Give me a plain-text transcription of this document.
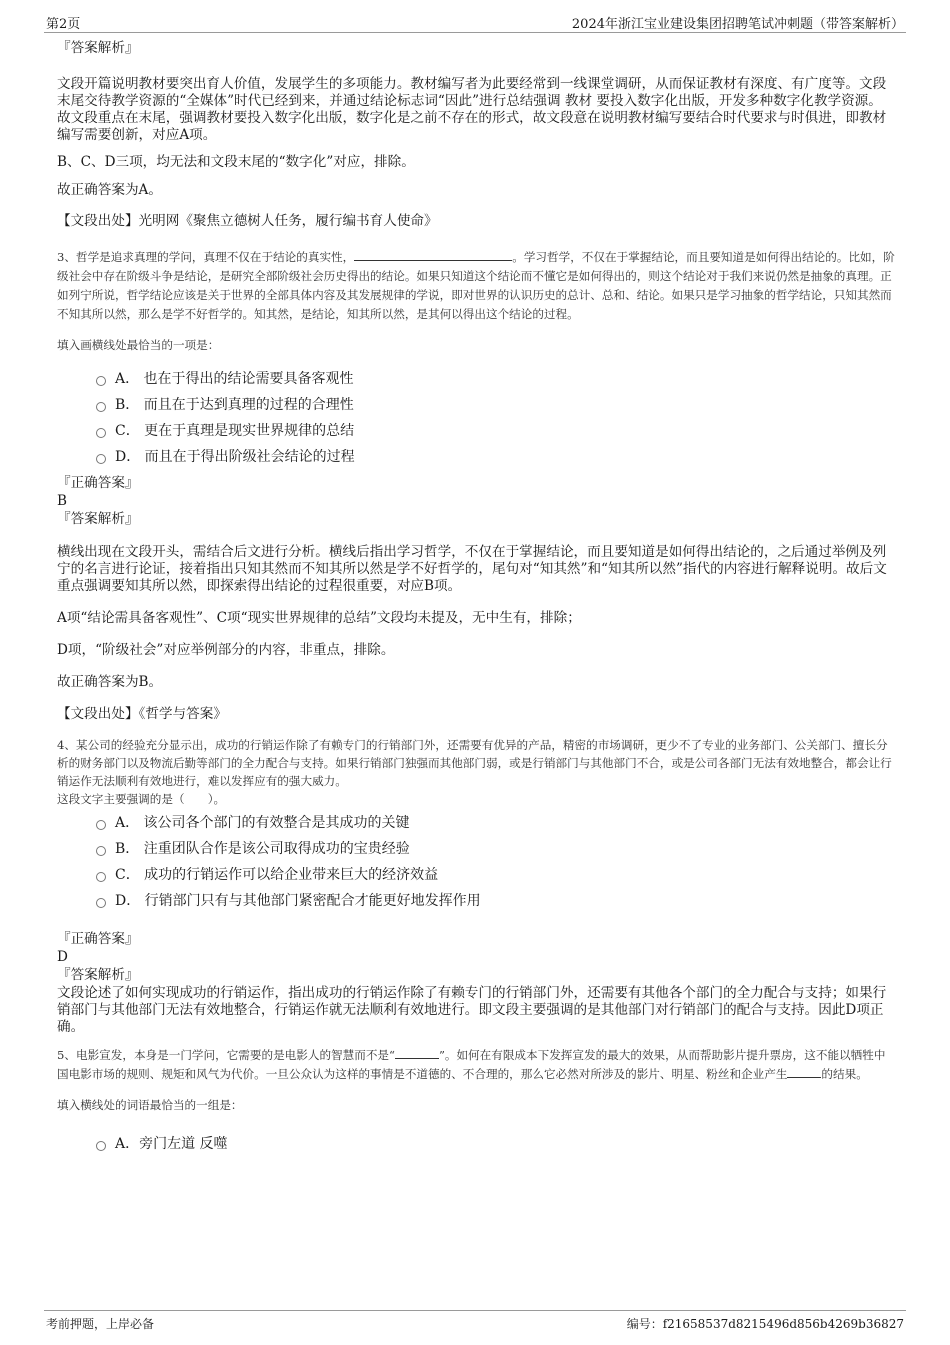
第2页	2024年浙江宝业建设集团招聘笔试冲刺题（带答案解析）
『答案解析』

文段开篇说明教材要突出育人价值，发展学生的多项能力。教材编写者为此要经常到一线课堂调研，从而保证教材有深度、有广度等。文段末尾交待教学资源的“全媒体”时代已经到来，并通过结论标志词“因此”进行总结强调 教材 要投入数字化出版，开发多种数字化教学资源。故文段重点在末尾，强调教材要投入数字化出版，数字化是之前不存在的形式，故文段意在说明教材编写要结合时代要求与时俱进，即教材编写需要创新，对应A项。

B、C、D三项，均无法和文段末尾的“数字化”对应，排除。

故正确答案为A。

【文段出处】光明网《聚焦立德树人任务，履行编书育人使命》

3、哲学是追求真理的学问，真理不仅在于结论的真实性，	。学习哲学，不仅在于掌握结论，而且要知道是如何得出结论的。比如，阶级社会中存在阶级斗争是结论，是研究全部阶级社会历史得出的结论。如果只知道这个结论而不懂它是如何得出的，则这个结论对于我们来说仍然是抽象的真理。正如列宁所说，哲学结论应该是关于世界的全部具体内容及其发展规律的学说，即对世界的认识历史的总计、总和、结论。如果只是学习抽象的哲学结论，只知其然而不知其所以然，那么是学不好哲学的。知其然，是结论，知其所以然，是其何以得出这个结论的过程。

填入画横线处最恰当的一项是：

A． 也在于得出的结论需要具备客观性
B． 而且在于达到真理的过程的合理性
C． 更在于真理是现实世界规律的总结
D． 而且在于得出阶级社会结论的过程
『正确答案』
B
『答案解析』

横线出现在文段开头，需结合后文进行分析。横线后指出学习哲学，不仅在于掌握结论，而且要知道是如何得出结论的，之后通过举例及列宁的名言进行论证，接着指出只知其然而不知其所以然是学不好哲学的，尾句对“知其然”和“知其所以然”指代的内容进行解释说明。故后文重点强调要知其所以然，即探索得出结论的过程很重要，对应B项。

A项“结论需具备客观性”、C项“现实世界规律的总结”文段均未提及，无中生有，排除；

D项，“阶级社会”对应举例部分的内容，非重点，排除。

故正确答案为B。

【文段出处】《哲学与答案》

4、某公司的经验充分显示出，成功的行销运作除了有赖专门的行销部门外，还需要有优异的产品，精密的市场调研，更少不了专业的业务部门、公关部门、擅长分析的财务部门以及物流后勤等部门的全力配合与支持。如果行销部门独强而其他部门弱，或是行销部门与其他部门不合，或是公司各部门无法有效地整合，都会让行销运作无法顺利有效地进行，难以发挥应有的强大威力。

这段文字主要强调的是（　　）。

A． 该公司各个部门的有效整合是其成功的关键
B． 注重团队合作是该公司取得成功的宝贵经验
C． 成功的行销运作可以给企业带来巨大的经济效益
D． 行销部门只有与其他部门紧密配合才能更好地发挥作用
『正确答案』
D
『答案解析』

文段论述了如何实现成功的行销运作，指出成功的行销运作除了有赖专门的行销部门外，还需要有其他各个部门的全力配合与支持；如果行销部门与其他部门无法有效地整合，行销运作就无法顺利有效地进行。即文段主要强调的是其他部门对行销部门的配合与支持。因此D项正确。

5、电影宣发，本身是一门学问，它需要的是电影人的智慧而不是“	”。如何在有限成本下发挥宣发的最大的效果，从而帮助影片提升票房，这不能以牺牲中国电影市场的规则、规矩和风气为代价。一旦公众认为这样的事情是不道德的、不合理的，那么它必然对所涉及的影片、明星、粉丝和企业产生	的结果。

填入横线处的词语最恰当的一组是：

A．旁门左道 反噬
考前押题，上岸必备	编号：f21658537d8215496d856b4269b36827
